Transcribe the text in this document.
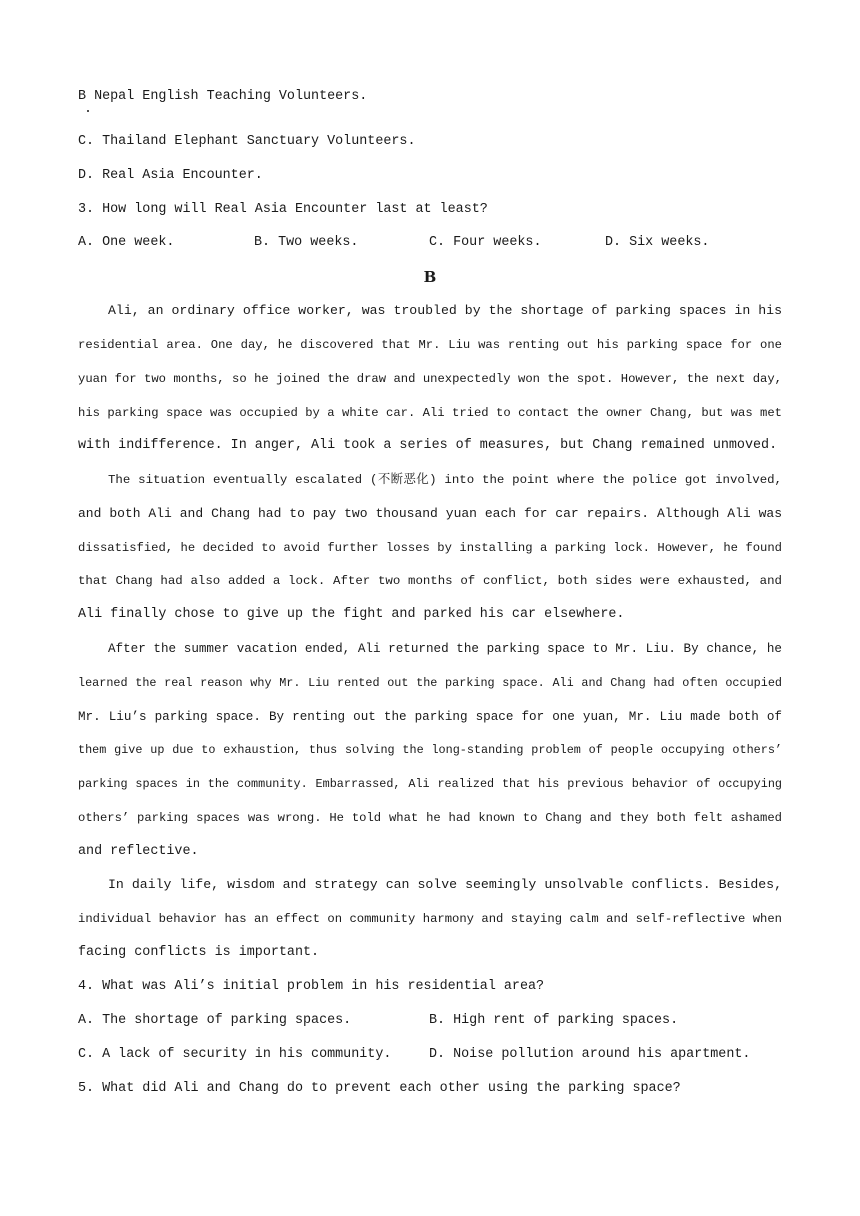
B Nepal English Teaching Volunteers.
C. Thailand Elephant Sanctuary Volunteers.
D. Real Asia Encounter.
3. How long will Real Asia Encounter last at least?
A. One week.	B. Two weeks.	C. Four weeks.	D. Six weeks.
B
Ali, an ordinary office worker, was troubled by the shortage of parking spaces in his
residential area. One day, he discovered that Mr. Liu was renting out his parking space for one
yuan for two months, so he joined the draw and unexpectedly won the spot. However, the next day,
his parking space was occupied by a white car. Ali tried to contact the owner Chang, but was met
with indifference. In anger, Ali took a series of measures, but Chang remained unmoved.
The situation eventually escalated (不断恶化) into the point where the police got involved,
and both Ali and Chang had to pay two thousand yuan each for car repairs. Although Ali was
dissatisfied, he decided to avoid further losses by installing a parking lock. However, he found
that Chang had also added a lock. After two months of conflict, both sides were exhausted, and
Ali finally chose to give up the fight and parked his car elsewhere.
After the summer vacation ended, Ali returned the parking space to Mr. Liu. By chance, he
learned the real reason why Mr. Liu rented out the parking space. Ali and Chang had often occupied
Mr. Liu’s parking space. By renting out the parking space for one yuan, Mr. Liu made both of
them give up due to exhaustion, thus solving the long-standing problem of people occupying others’
parking spaces in the community. Embarrassed, Ali realized that his previous behavior of occupying
others’ parking spaces was wrong. He told what he had known to Chang and they both felt ashamed
and reflective.
In daily life, wisdom and strategy can solve seemingly unsolvable conflicts. Besides,
individual behavior has an effect on community harmony and staying calm and self-reflective when
facing conflicts is important.
4. What was Ali’s initial problem in his residential area?
A. The shortage of parking spaces.	B. High rent of parking spaces.
C. A lack of security in his community.	D. Noise pollution around his apartment.
5. What did Ali and Chang do to prevent each other using the parking space?
